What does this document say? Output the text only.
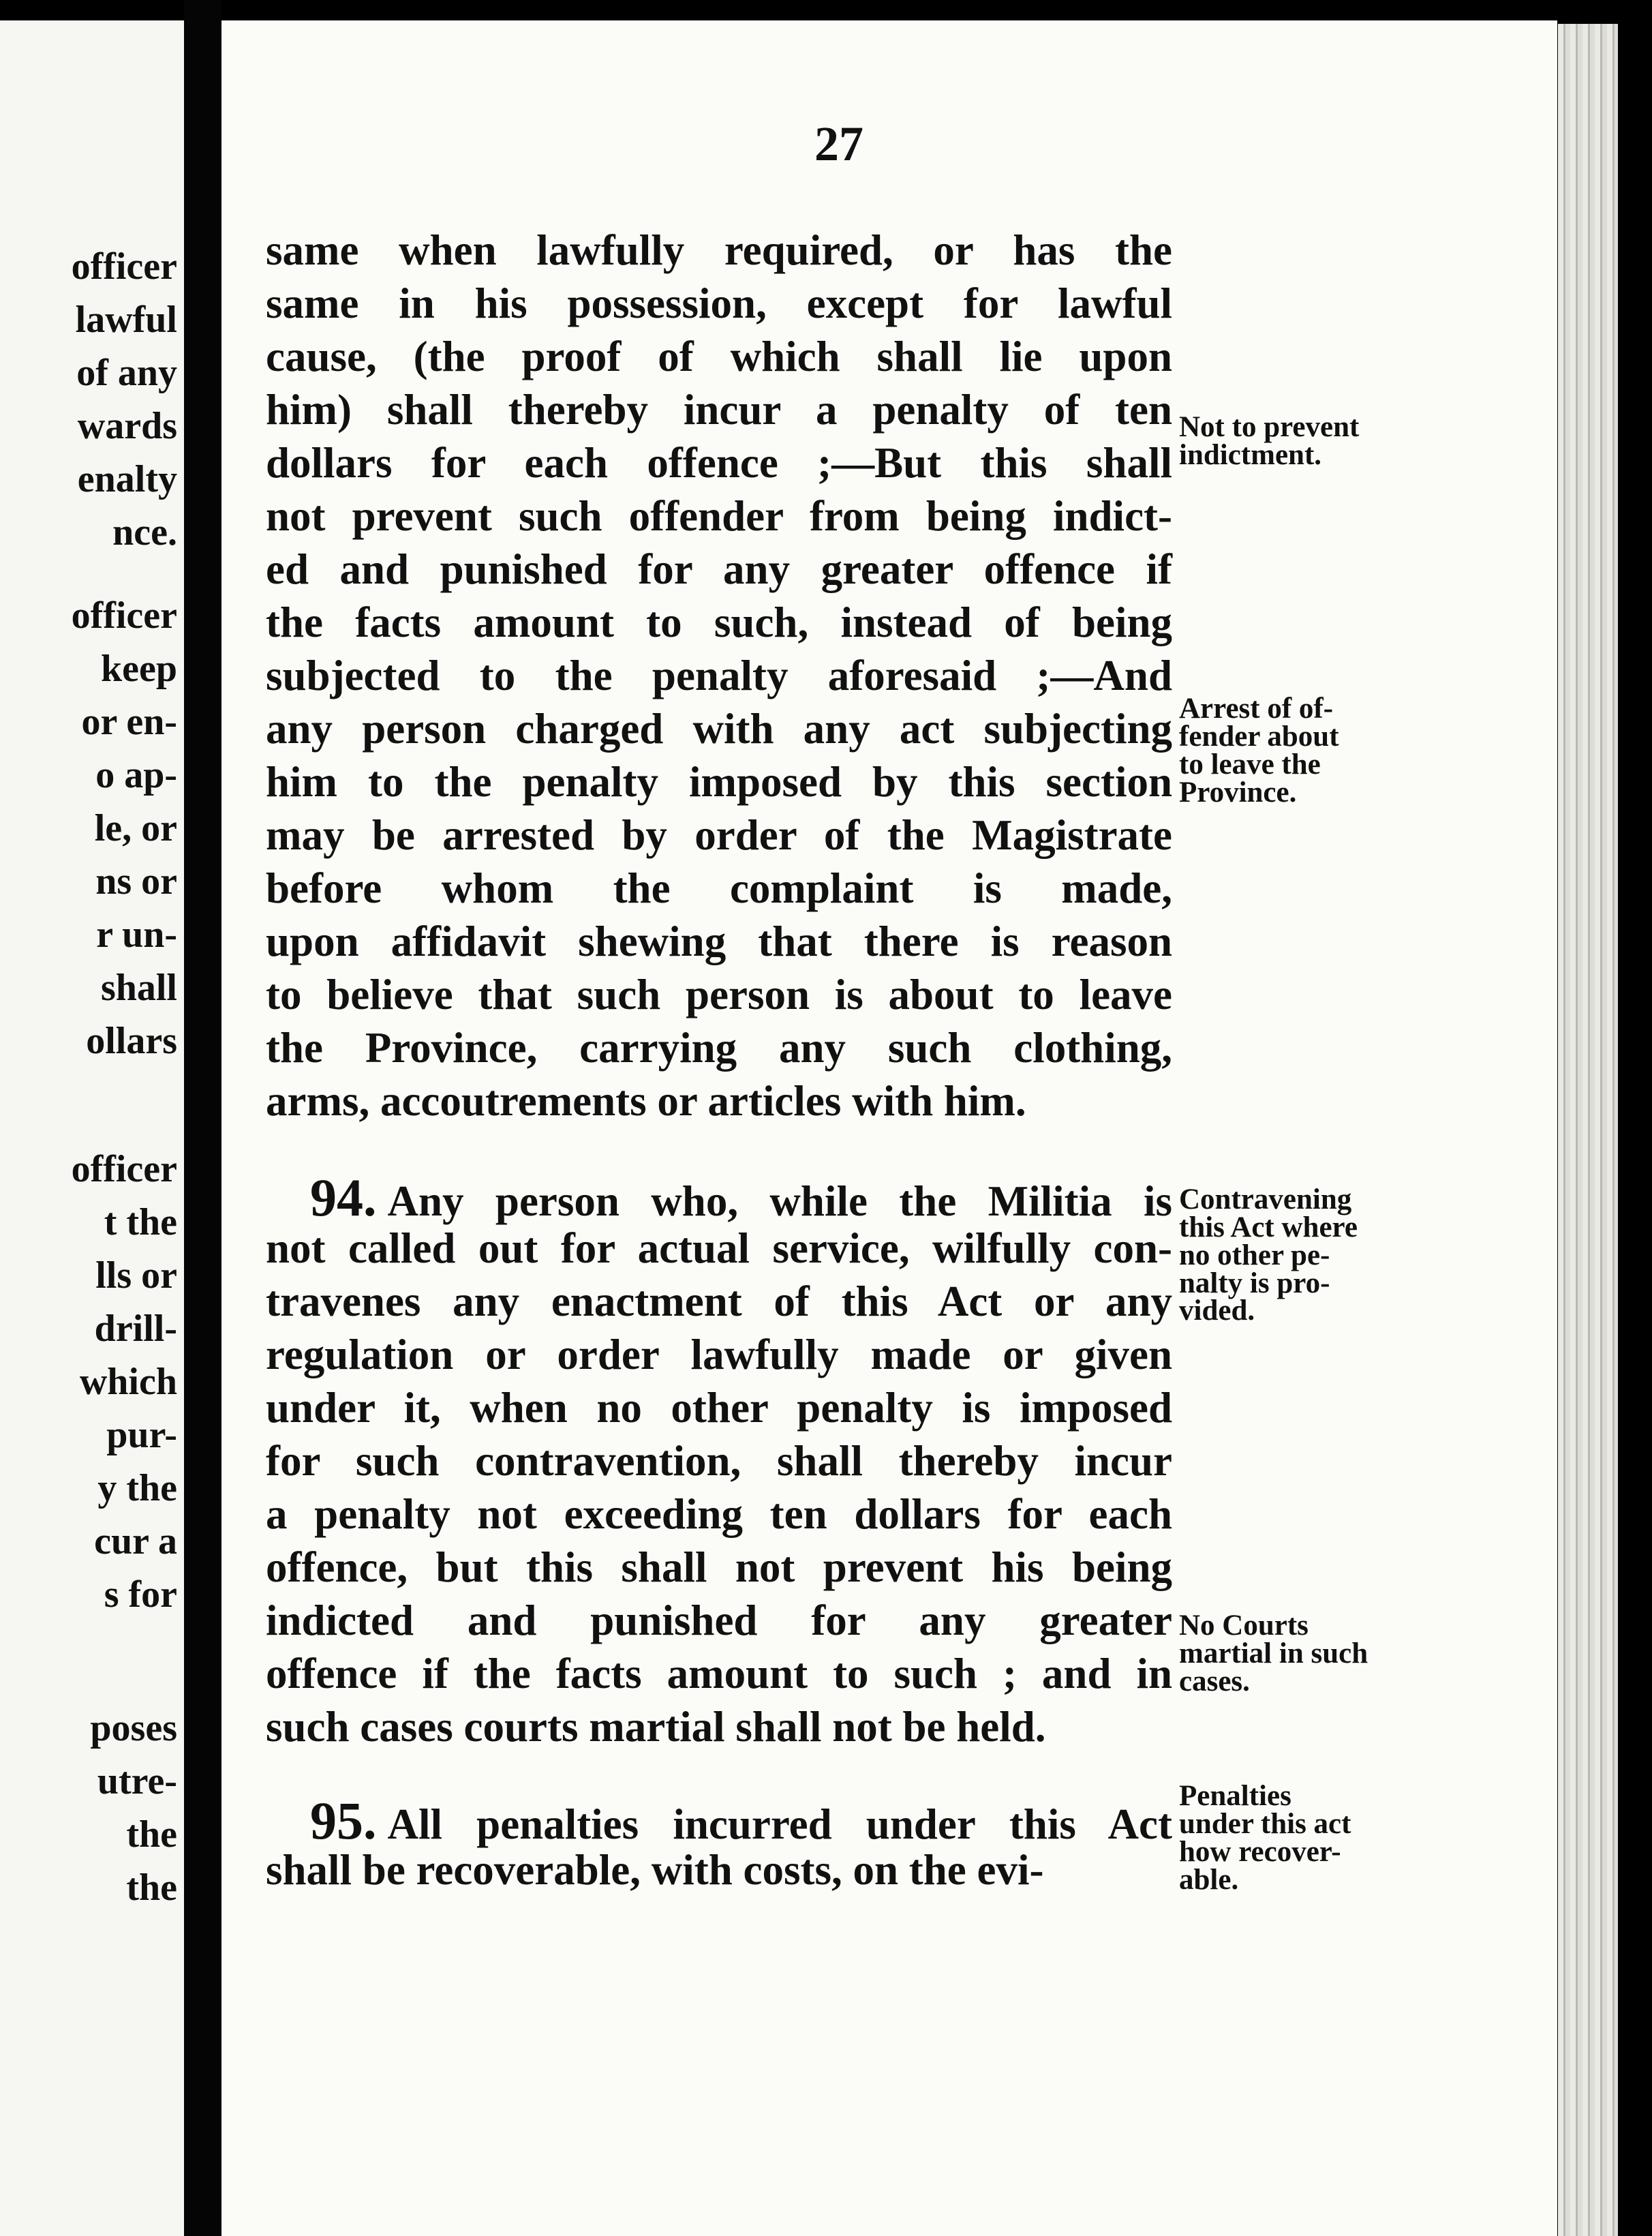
officer
lawful
of any
wards
enalty
nce.
officer
keep
or en-
o ap-
le, or
ns or
r un-
shall
ollars
officer
t the
lls or
drill-
which
pur-
y the
cur a
s for
poses
utre-
the
the
27
same when lawfully required, or has the
same in his possession, except for lawful
cause, (the proof of which shall lie upon
him) shall thereby incur a penalty of ten
dollars for each offence ;—But this shall
not prevent such offender from being indict-
ed and punished for any greater offence if
the facts amount to such, instead of being
subjected to the penalty aforesaid ;—And
any person charged with any act subjecting
him to the penalty imposed by this section
may be arrested by order of the Magistrate
before whom the complaint is made,
upon affidavit shewing that there is reason
to believe that such person is about to leave
the Province, carrying any such clothing,
arms, accoutrements or articles with him.
94. Any person who, while the Militia is
not called out for actual service, wilfully con-
travenes any enactment of this Act or any
regulation or order lawfully made or given
under it, when no other penalty is imposed
for such contravention, shall thereby incur
a penalty not exceeding ten dollars for each
offence, but this shall not prevent his being
indicted and punished for any greater
offence if the facts amount to such ; and in
such cases courts martial shall not be held.
95. All penalties incurred under this Act
shall be recoverable, with costs, on the evi-
Not to prevent
indictment.
Arrest of of-
fender about
to leave the
Province.
Contravening
this Act where
no other pe-
nalty is pro-
vided.
No Courts
martial in such
cases.
Penalties
under this act
how recover-
able.
